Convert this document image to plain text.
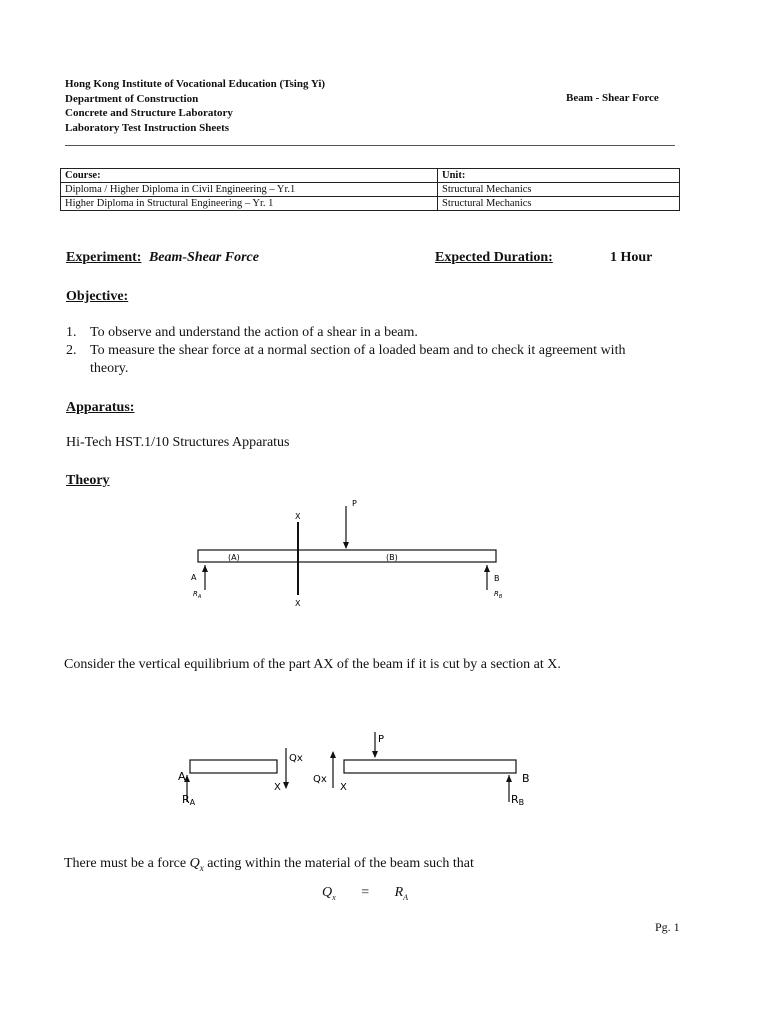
Hong Kong Institute of Vocational Education (Tsing Yi)
Department of Construction
Concrete and Structure Laboratory
Laboratory Test Instruction Sheets
Beam - Shear Force
Course:	Unit:
Diploma / Higher Diploma in Civil Engineering – Yr.1	Structural Mechanics
Higher Diploma in Structural Engineering – Yr. 1	Structural Mechanics
Experiment: Beam-Shear Force	Expected Duration:	1 Hour
Objective:
1. To observe and understand the action of a shear in a beam.
2. To measure the shear force at a normal section of a loaded beam and to check it agreement with theory.
Apparatus:
Hi-Tech HST.1/10 Structures Apparatus
Theory
X
X
P
(A)	(B)
A
$R_A$
B
$R_B$
A
RA
X
Qx
Qx
X
P
B
RB
Consider the vertical equilibrium of the part AX of the beam if it is cut by a section at X.
There must be a force $Q_x$ acting within the material of the beam such that
$Q_x = R_A$
Pg. 1
